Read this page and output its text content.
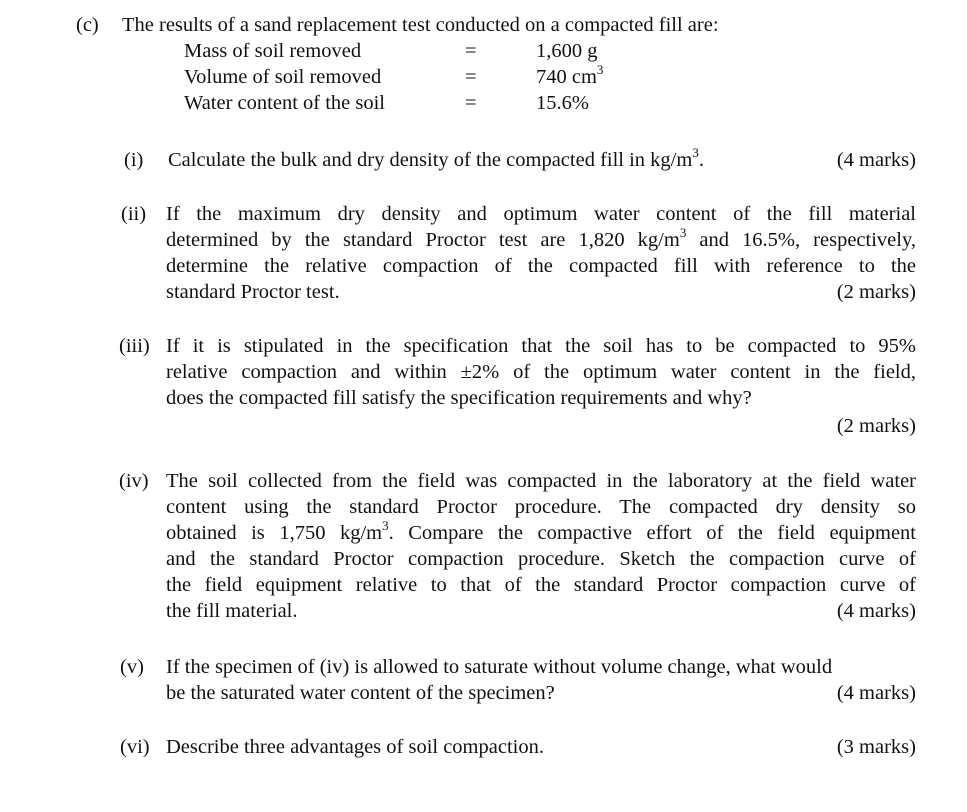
(c) The results of a sand replacement test conducted on a compacted fill are:
Mass of soil removed	=	1,600 g
Volume of soil removed	=	740 $cm^3$
Water content of the soil	=	15.6%
(i) Calculate the bulk and dry density of the compacted fill in $kg/m^3$.	(4 marks)
(ii) If the maximum dry density and optimum water content of the fill material
determined by the standard Proctor test are 1,820 $kg/m^3$ and 16.5%, respectively,
determine the relative compaction of the compacted fill with reference to the
standard Proctor test.	(2 marks)
(iii) If it is stipulated in the specification that the soil has to be compacted to 95%
relative compaction and within ±2% of the optimum water content in the field,
does the compacted fill satisfy the specification requirements and why?
(2 marks)
(iv) The soil collected from the field was compacted in the laboratory at the field water
content using the standard Proctor procedure. The compacted dry density so
obtained is 1,750 $kg/m^3$. Compare the compactive effort of the field equipment
and the standard Proctor compaction procedure. Sketch the compaction curve of
the field equipment relative to that of the standard Proctor compaction curve of
the fill material.	(4 marks)
(v) If the specimen of (iv) is allowed to saturate without volume change, what would
be the saturated water content of the specimen?	(4 marks)
(vi) Describe three advantages of soil compaction.	(3 marks)
